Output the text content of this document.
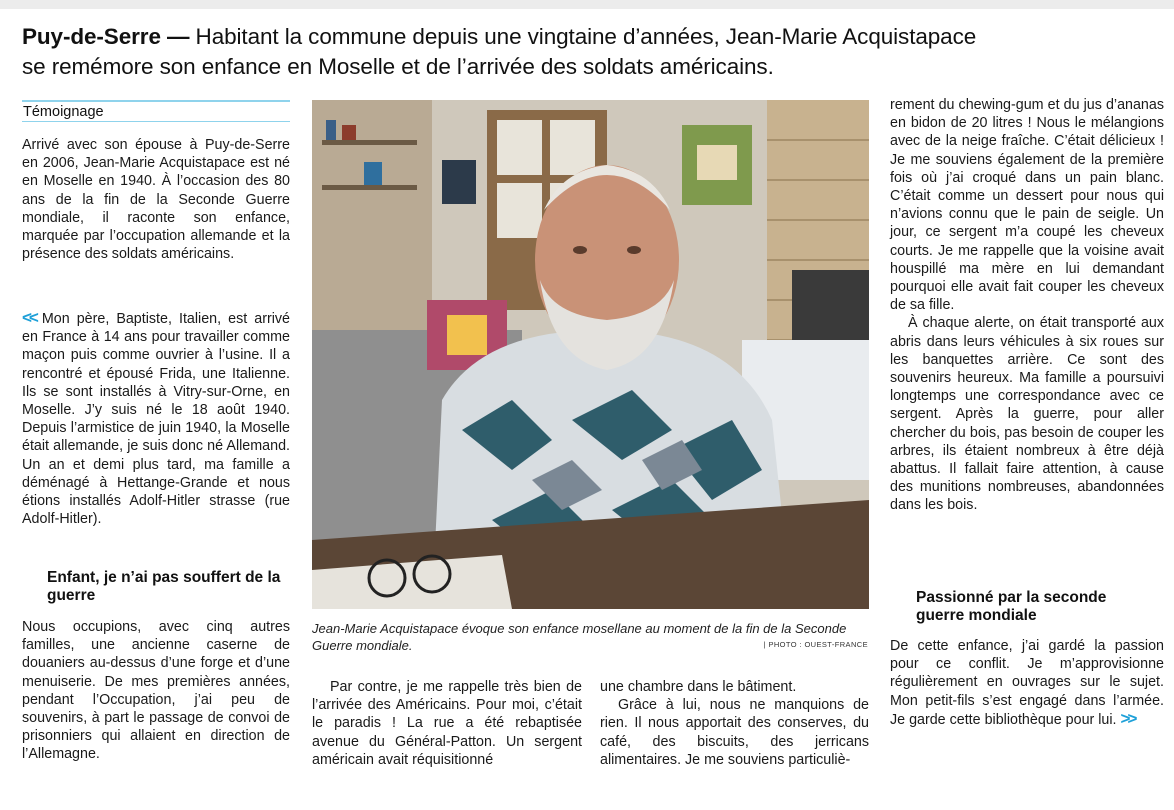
Puy-de-Serre — Habitant la commune depuis une vingtaine d’années, Jean-Marie Acquistapace
se remémore son enfance en Moselle et de l’arrivée des soldats américains.
Témoignage

Arrivé avec son épouse à Puy-de-Serre en 2006, Jean-Marie Acquistapace est né en Moselle en 1940. À l’occasion des 80 ans de la fin de la Seconde Guerre mondiale, il raconte son enfance, marquée par l’occupation allemande et la présence des soldats américains.

<< Mon père, Baptiste, Italien, est arrivé en France à 14 ans pour travailler comme maçon puis comme ouvrier à l’usine. Il a rencontré et épousé Frida, une Italienne. Ils se sont installés à Vitry-sur-Orne, en Moselle. J’y suis né le 18 août 1940. Depuis l’armistice de juin 1940, la Moselle était allemande, je suis donc né Allemand. Un an et demi plus tard, ma famille a déménagé à Hettange-Grande et nous étions installés Adolf-Hitler strasse (rue Adolf-Hitler).

Enfant, je n’ai pas souffert de la guerre

Nous occupions, avec cinq autres familles, une ancienne caserne de douaniers au-dessus d’une forge et d’une menuiserie. De mes premières années, pendant l’Occupation, j’ai peu de souvenirs, à part le passage de convoi de prisonniers qui allaient en direction de l’Allemagne.

Jean-Marie Acquistapace évoque son enfance mosellane au moment de la fin de la Seconde Guerre mondiale.	| PHOTO : OUEST-FRANCE

Par contre, je me rappelle très bien de l’arrivée des Américains. Pour moi, c’était le paradis ! La rue a été rebaptisée avenue du Général-Patton. Un sergent américain avait réquisitionné

une chambre dans le bâtiment.

Grâce à lui, nous ne manquions de rien. Il nous apportait des conserves, du café, des biscuits, des jerricans alimentaires. Je me souviens particuliè-

rement du chewing-gum et du jus d’ananas en bidon de 20 litres ! Nous le mélangions avec de la neige fraîche. C’était délicieux ! Je me souviens également de la première fois où j’ai croqué dans un pain blanc. C’était comme un dessert pour nous qui n’avions connu que le pain de seigle. Un jour, ce sergent m’a coupé les cheveux courts. Je me rappelle que la voisine avait houspillé ma mère en lui demandant pourquoi elle avait fait couper les cheveux de sa fille.

À chaque alerte, on était transporté aux abris dans leurs véhicules à six roues sur les banquettes arrière. Ce sont des souvenirs heureux. Ma famille a poursuivi longtemps une correspondance avec ce sergent. Après la guerre, pour aller chercher du bois, pas besoin de couper les arbres, ils étaient nombreux à être déjà abattus. Il fallait faire attention, à cause des munitions nombreuses, abandonnées dans les bois.

Passionné par la seconde guerre mondiale

De cette enfance, j’ai gardé la passion pour ce conflit. Je m’approvisionne régulièrement en ouvrages sur le sujet. Mon petit-fils s’est engagé dans l’armée. Je garde cette bibliothèque pour lui. >>
